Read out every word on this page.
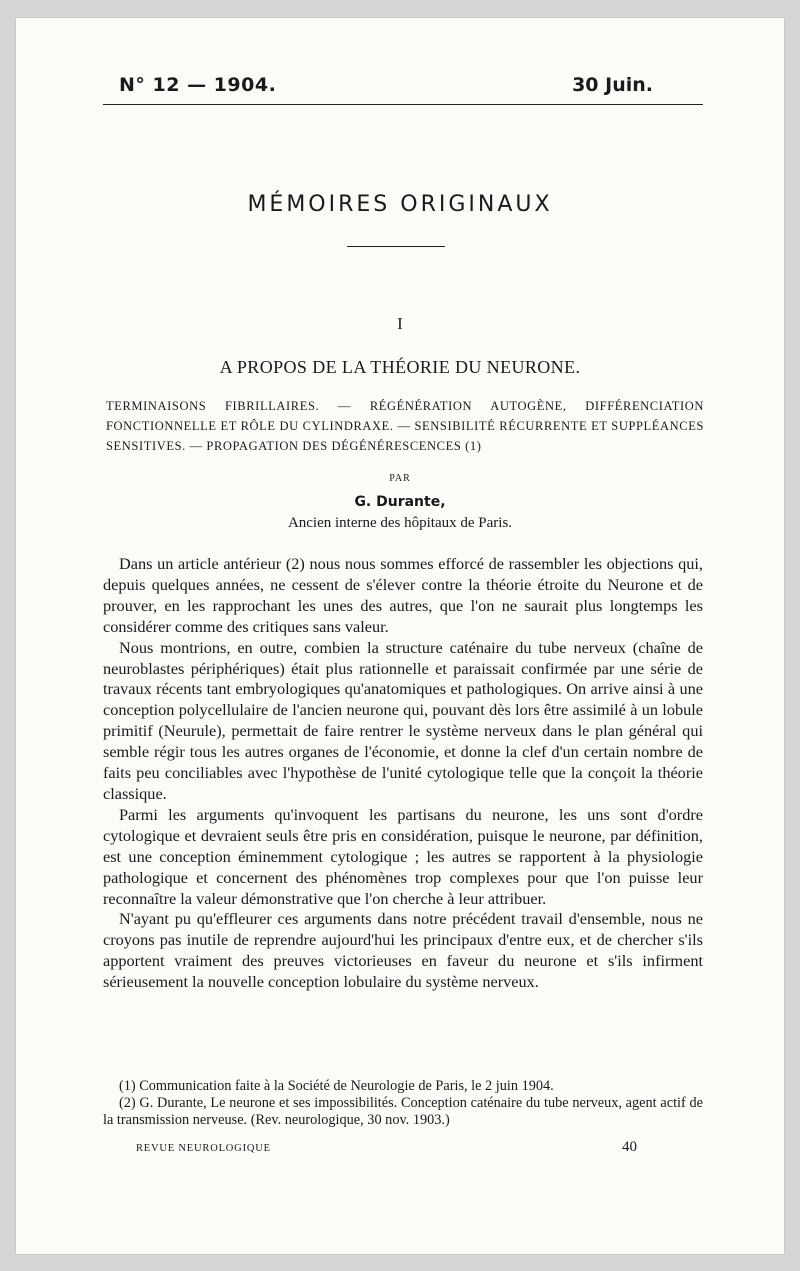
N° 12 — 1904.	30 Juin.
MÉMOIRES ORIGINAUX
I
A PROPOS DE LA THÉORIE DU NEURONE.
TERMINAISONS FIBRILLAIRES. — RÉGÉNÉRATION AUTOGÈNE, DIFFÉRENCIATION FONCTIONNELLE ET RÔLE DU CYLINDRAXE. — SENSIBILITÉ RÉCURRENTE ET SUPPLÉANCES SENSITIVES. — PROPAGATION DES DÉGÉNÉRESCENCES (1)
PAR
G. Durante,
Ancien interne des hôpitaux de Paris.

Dans un article antérieur (2) nous nous sommes efforcé de rassembler les objections qui, depuis quelques années, ne cessent de s'élever contre la théorie étroite du Neurone et de prouver, en les rapprochant les unes des autres, que l'on ne saurait plus longtemps les considérer comme des critiques sans valeur.

Nous montrions, en outre, combien la structure caténaire du tube nerveux (chaîne de neuroblastes périphériques) était plus rationnelle et paraissait confirmée par une série de travaux récents tant embryologiques qu'anatomiques et pathologiques. On arrive ainsi à une conception polycellulaire de l'ancien neurone qui, pouvant dès lors être assimilé à un lobule primitif (Neurule), permettait de faire rentrer le système nerveux dans le plan général qui semble régir tous les autres organes de l'économie, et donne la clef d'un certain nombre de faits peu conciliables avec l'hypothèse de l'unité cytologique telle que la conçoit la théorie classique.

Parmi les arguments qu'invoquent les partisans du neurone, les uns sont d'ordre cytologique et devraient seuls être pris en considération, puisque le neurone, par définition, est une conception éminemment cytologique ; les autres se rapportent à la physiologie pathologique et concernent des phénomènes trop complexes pour que l'on puisse leur reconnaître la valeur démonstrative que l'on cherche à leur attribuer.

N'ayant pu qu'effleurer ces arguments dans notre précédent travail d'ensemble, nous ne croyons pas inutile de reprendre aujourd'hui les principaux d'entre eux, et de chercher s'ils apportent vraiment des preuves victorieuses en faveur du neurone et s'ils infirment sérieusement la nouvelle conception lobulaire du système nerveux.

(1) Communication faite à la Société de Neurologie de Paris, le 2 juin 1904.

(2) G. Durante, Le neurone et ses impossibilités. Conception caténaire du tube nerveux, agent actif de la transmission nerveuse. (Rev. neurologique, 30 nov. 1903.)

REVUE NEUROLOGIQUE	40
